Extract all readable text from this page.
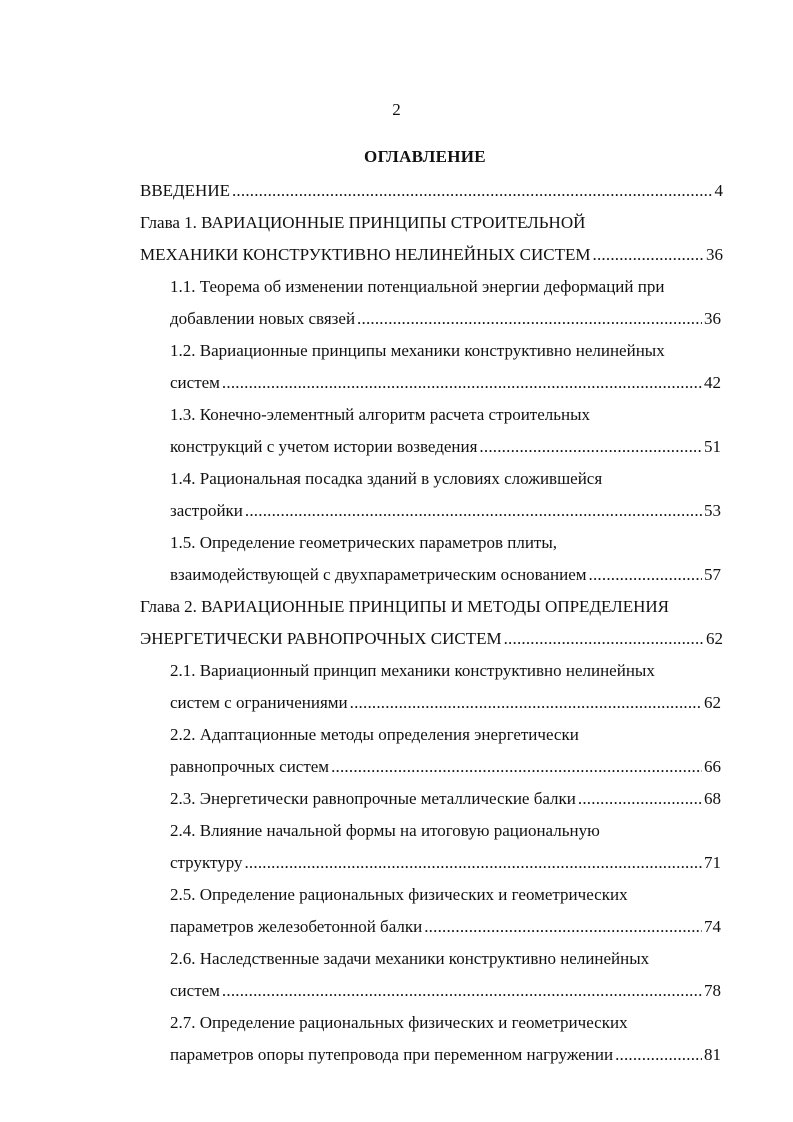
2
ОГЛАВЛЕНИЕ
ВВЕДЕНИЕ .....	4
Глава 1. ВАРИАЦИОННЫЕ ПРИНЦИПЫ СТРОИТЕЛЬНОЙ
МЕХАНИКИ КОНСТРУКТИВНО НЕЛИНЕЙНЫХ СИСТЕМ .....	36
1.1. Теорема об изменении потенциальной энергии деформаций при
добавлении новых связей .....	36
1.2. Вариационные принципы механики конструктивно нелинейных
систем .....	42
1.3. Конечно-элементный алгоритм расчета строительных
конструкций с учетом истории возведения .....	51
1.4. Рациональная посадка зданий в условиях сложившейся
застройки .....	53
1.5. Определение геометрических параметров плиты,
взаимодействующей с двухпараметрическим основанием .....	57
Глава 2. ВАРИАЦИОННЫЕ ПРИНЦИПЫ И МЕТОДЫ ОПРЕДЕЛЕНИЯ
ЭНЕРГЕТИЧЕСКИ РАВНОПРОЧНЫХ СИСТЕМ .....	62
2.1. Вариационный принцип механики конструктивно нелинейных
систем с ограничениями .....	62
2.2. Адаптационные методы определения энергетически
равнопрочных систем .....	66
2.3. Энергетически равнопрочные металлические балки .....	68
2.4. Влияние начальной формы на итоговую рациональную
структуру .....	71
2.5. Определение рациональных физических и геометрических
параметров железобетонной балки .....	74
2.6. Наследственные задачи механики конструктивно нелинейных
систем .....	78
2.7. Определение рациональных физических и геометрических
параметров опоры путепровода при переменном нагружении .....	81
